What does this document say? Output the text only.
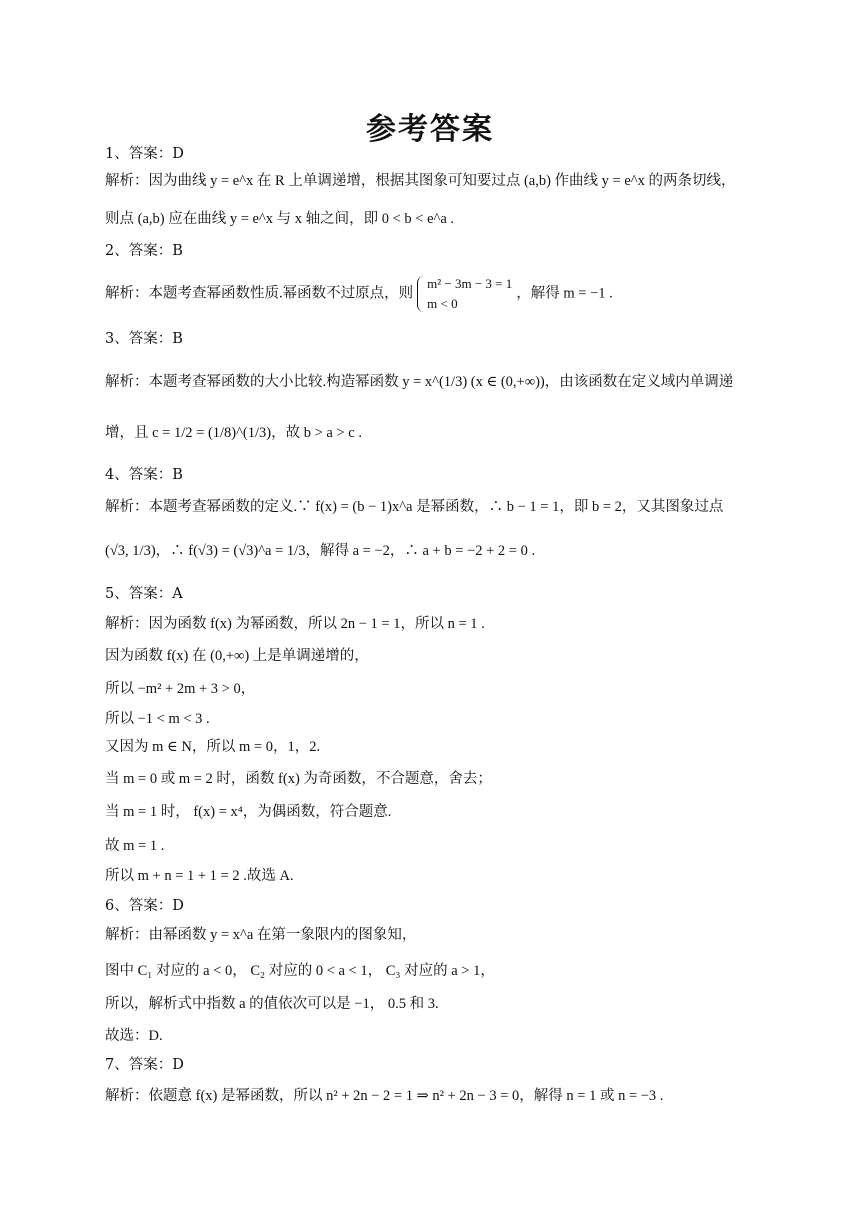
参考答案
1、答案：D
解析：因为曲线 y = e^x 在 R 上单调递增，根据其图象可知要过点 (a,b) 作曲线 y = e^x 的两条切线，
则点 (a,b) 应在曲线 y = e^x 与 x 轴之间，即 0 < b < e^a .
2、答案：B
解析：本题考查幂函数性质.幂函数不过原点，则
m² − 3m − 3 = 1
m < 0
，解得 m = −1 .
3、答案：B
解析：本题考查幂函数的大小比较.构造幂函数 y = x^(1/3) (x ∈ (0,+∞))，由该函数在定义域内单调递
增，且 c = 1/2 = (1/8)^(1/3)，故 b > a > c .
4、答案：B
解析：本题考查幂函数的定义.∵ f(x) = (b − 1)x^a 是幂函数，∴ b − 1 = 1，即 b = 2，又其图象过点
(√3, 1/3)，∴ f(√3) = (√3)^a = 1/3，解得 a = −2，∴ a + b = −2 + 2 = 0 .
5、答案：A
解析：因为函数 f(x) 为幂函数，所以 2n − 1 = 1，所以 n = 1 .
因为函数 f(x) 在 (0,+∞) 上是单调递增的，
所以 −m² + 2m + 3 > 0，
所以 −1 < m < 3 .
又因为 m ∈ N，所以 m = 0，1，2.
当 m = 0 或 m = 2 时，函数 f(x) 为奇函数，不合题意，舍去；
当 m = 1 时， f(x) = x⁴，为偶函数，符合题意.
故 m = 1 .
所以 m + n = 1 + 1 = 2 .故选 A.
6、答案：D
解析：由幂函数 y = x^a 在第一象限内的图象知，
图中 C₁ 对应的 a < 0， C₂ 对应的 0 < a < 1， C₃ 对应的 a > 1，
所以，解析式中指数 a 的值依次可以是 −1， 0.5 和 3.
故选：D.
7、答案：D
解析：依题意 f(x) 是幂函数，所以 n² + 2n − 2 = 1 ⇒ n² + 2n − 3 = 0，解得 n = 1 或 n = −3 .
